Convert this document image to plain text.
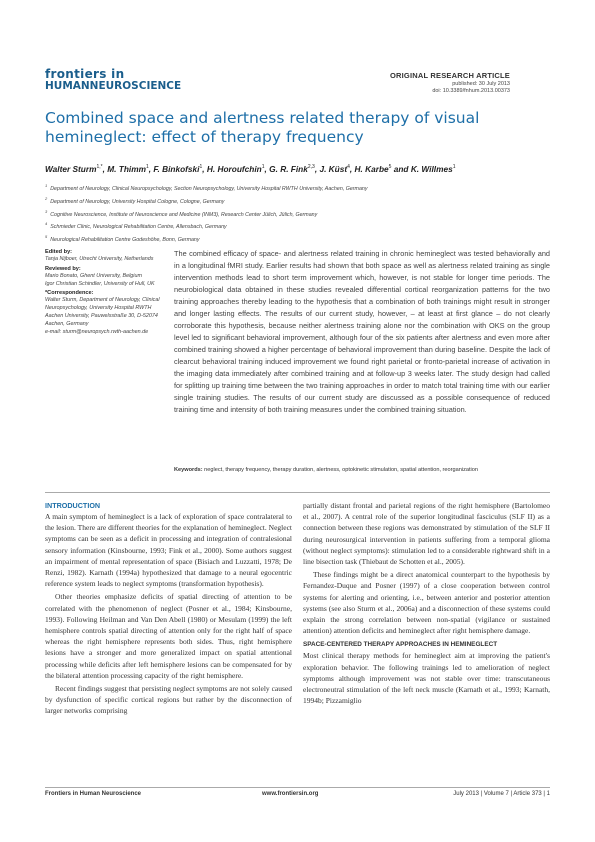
frontiers in
HUMANNEUROSCIENCE
ORIGINAL RESEARCH ARTICLE
published: 30 July 2013
doi: 10.3389/fnhum.2013.00373
Combined space and alertness related therapy of visual hemineglect: effect of therapy frequency
Walter Sturm$^{1,*}$, M. Thimm$^1$, F. Binkofski$^1$, H. Horoufchin$^1$, G. R. Fink$^{2,3}$, J. Küst$^4$, H. Karbe$^5$ and K. Willmes$^1$
$^1$Department of Neurology, Clinical Neuropsychology, Section Neuropsychology, University Hospital RWTH University, Aachen, Germany
$^2$Department of Neurology, University Hospital Cologne, Cologne, Germany
$^3$Cognitive Neuroscience, Institute of Neuroscience and Medicine (INM3), Research Center Jülich, Jülich, Germany
$^4$Schmieder Clinic, Neurological Rehabilitation Centre, Allensbach, Germany
$^5$Neurological Rehabilitation Centre Godeshöhe, Bonn, Germany
Edited by:
Tanja Nijboer, Utrecht University, Netherlands
Reviewed by:
Mario Bonato, Ghent University, Belgium
Igor Christian Schindler, University of Hull, UK
*Correspondence:
Walter Sturm, Department of Neurology, Clinical Neuropsychology, University Hospital RWTH Aachen University, Pauwelsstraße 30, D-52074 Aachen, Germany
e-mail: sturm@neuropsych.rwth-aachen.de

The combined efficacy of space- and alertness related training in chronic hemineglect was tested behaviorally and in a longitudinal fMRI study. Earlier results had shown that both space as well as alertness related training as single intervention methods lead to short term improvement which, however, is not stable for longer time periods. The neurobiological data obtained in these studies revealed differential cortical reorganization patterns for the two training approaches thereby leading to the hypothesis that a combination of both trainings might result in stronger and longer lasting effects. The results of our current study, however, – at least at first glance – do not clearly corroborate this hypothesis, because neither alertness training alone nor the combination with OKS on the group level led to significant behavioral improvement, although four of the six patients after alertness and even more after combined training showed a higher percentage of behavioral improvement than during baseline. Despite the lack of clearcut behavioral training induced improvement we found right parietal or fronto-parietal increase of activation in the imaging data immediately after combined training and at follow-up 3 weeks later. The study design had called for splitting up training time between the two training approaches in order to match total training time with our earlier single training studies. The results of our current study are discussed as a possible consequence of reduced training time and intensity of both training measures under the combined training situation.

Keywords: neglect, therapy frequency, therapy duration, alertness, optokinetic stimulation, spatial attention, reorganization

INTRODUCTION

A main symptom of hemineglect is a lack of exploration of space contralateral to the lesion. There are different theories for the explanation of hemineglect. Neglect symptoms can be seen as a deficit in processing and integration of contralesional sensory information (Kinsbourne, 1993; Fink et al., 2000). Some authors suggest an impairment of mental representation of space (Bisiach and Luzzatti, 1978; De Renzi, 1982). Karnath (1994a) hypothesized that damage to a neural egocentric reference system leads to neglect symptoms (transformation hypothesis).

Other theories emphasize deficits of spatial directing of attention to be correlated with the phenomenon of neglect (Posner et al., 1984; Kinsbourne, 1993). Following Heilman and Van Den Abell (1980) or Mesulam (1999) the left hemisphere controls spatial directing of attention only for the right half of space whereas the right hemisphere represents both sides. Thus, right hemisphere lesions have a stronger and more generalized impact on spatial attentional processing while deficits after left hemisphere lesions can be compensated for by the bilateral attention processing capacity of the right hemisphere.

Recent findings suggest that persisting neglect symptoms are not solely caused by dysfunction of specific cortical regions but rather by the disconnection of larger networks comprising

partially distant frontal and parietal regions of the right hemisphere (Bartolomeo et al., 2007). A central role of the superior longitudinal fasciculus (SLF II) as a connection between these regions was demonstrated by stimulation of the SLF II during neurosurgical intervention in patients suffering from a temporal glioma (without neglect symptoms): stimulation led to a considerable rightward shift in a line bisection task (Thiebaut de Schotten et al., 2005).

These findings might be a direct anatomical counterpart to the hypothesis by Fernandez-Duque and Posner (1997) of a close cooperation between control systems for alerting and orienting, i.e., between anterior and posterior attention systems (see also Sturm et al., 2006a) and a disconnection of these systems could explain the strong correlation between non-spatial (vigilance or sustained attention) attention deficits and hemineglect after right hemisphere damage.

SPACE-CENTERED THERAPY APPROACHES IN HEMINEGLECT

Most clinical therapy methods for hemineglect aim at improving the patient's exploration behavior. The following trainings led to amelioration of neglect symptoms although improvement was not stable over time: transcutaneous electroneutral stimulation of the left neck muscle (Karnath et al., 1993; Karnath, 1994b; Pizzamiglio

Frontiers in Human Neuroscience	www.frontiersin.org	July 2013 | Volume 7 | Article 373 | 1
